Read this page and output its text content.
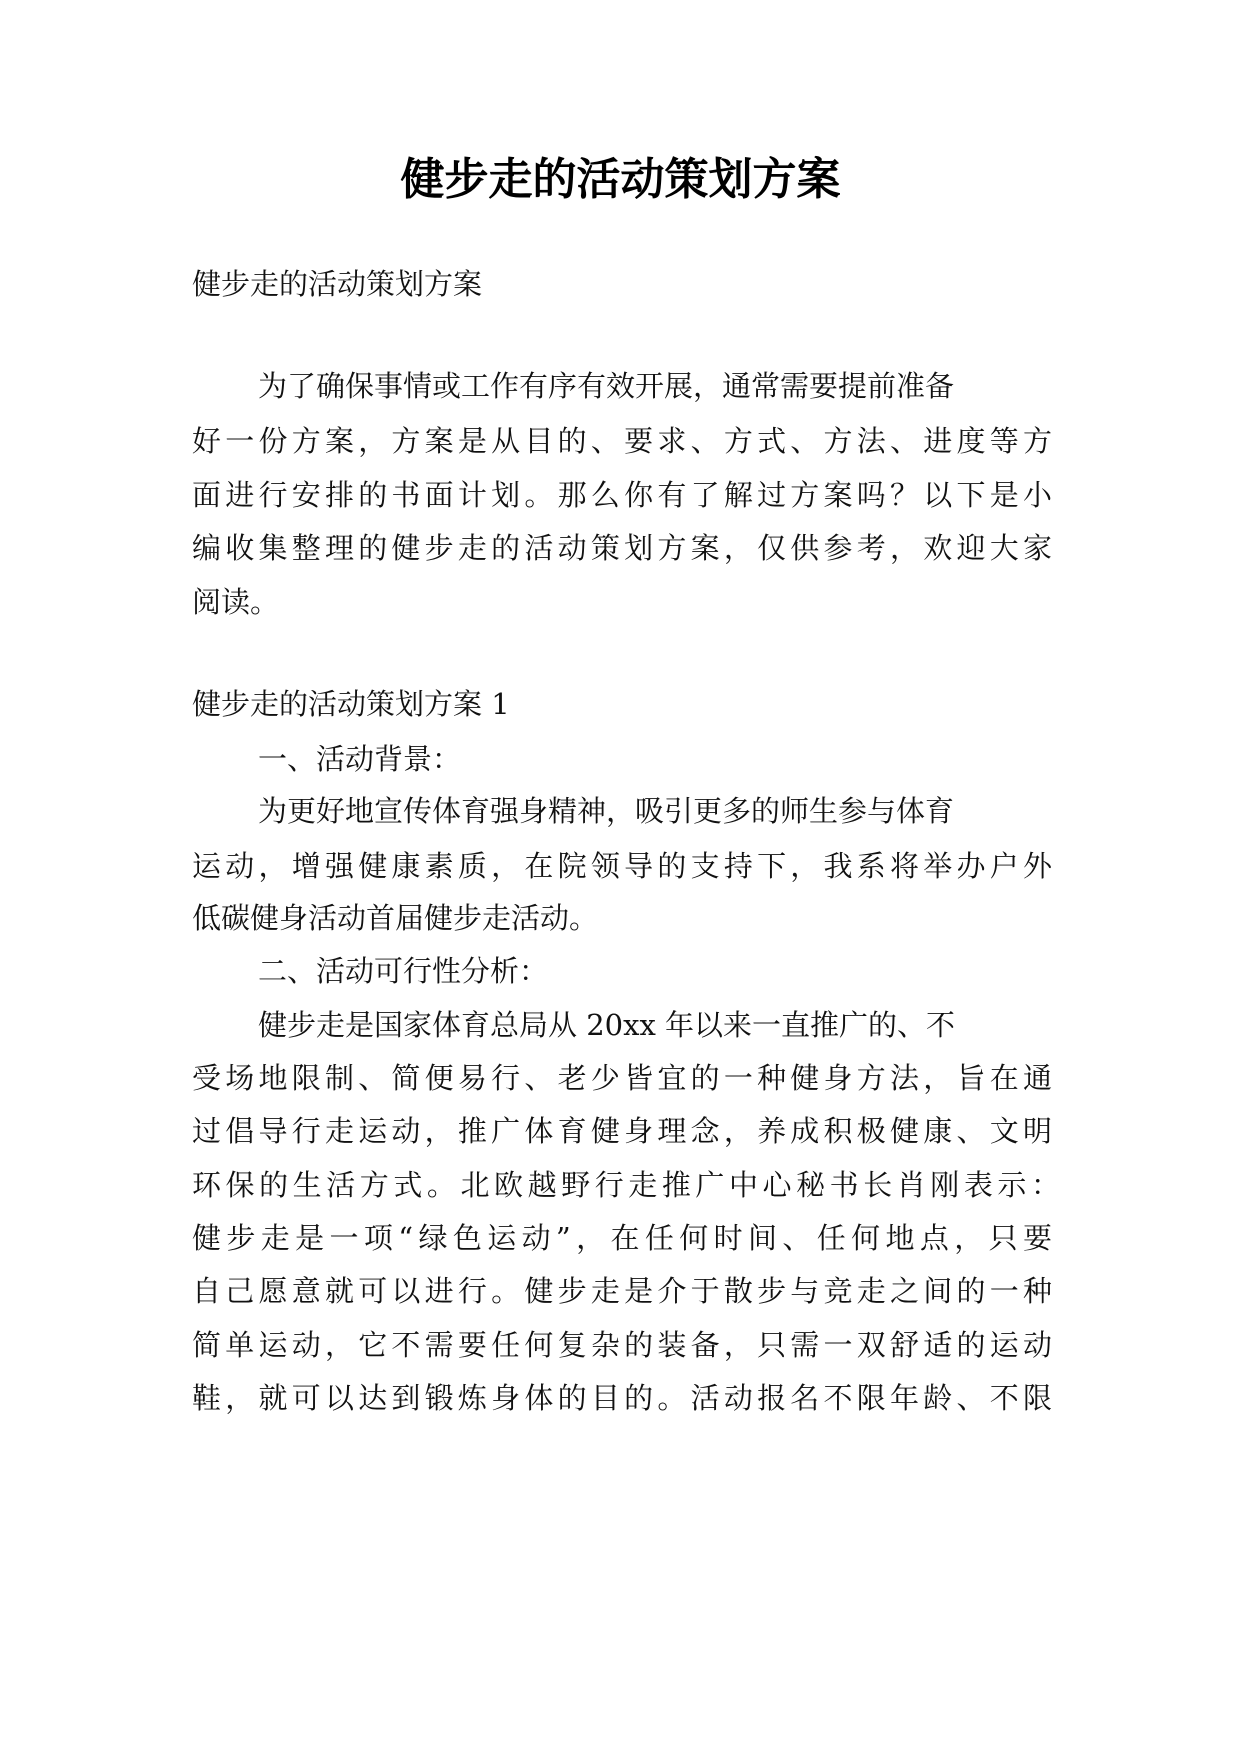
健步走的活动策划方案

健步走的活动策划方案

为了确保事情或工作有序有效开展，通常需要提前准备

好一份方案，方案是从目的、要求、方式、方法、进度等方

面进行安排的书面计划。那么你有了解过方案吗？以下是小

编收集整理的健步走的活动策划方案，仅供参考，欢迎大家

阅读。

健步走的活动策划方案 1

一、活动背景：

为更好地宣传体育强身精神，吸引更多的师生参与体育

运动，增强健康素质，在院领导的支持下，我系将举办户外

低碳健身活动首届健步走活动。

二、活动可行性分析：

健步走是国家体育总局从 20xx 年以来一直推广的、不

受场地限制、简便易行、老少皆宜的一种健身方法，旨在通

过倡导行走运动，推广体育健身理念，养成积极健康、文明

环保的生活方式。北欧越野行走推广中心秘书长肖刚表示：

健步走是一项“绿色运动”，在任何时间、任何地点，只要

自己愿意就可以进行。健步走是介于散步与竞走之间的一种

简单运动，它不需要任何复杂的装备，只需一双舒适的运动

鞋，就可以达到锻炼身体的目的。活动报名不限年龄、不限
